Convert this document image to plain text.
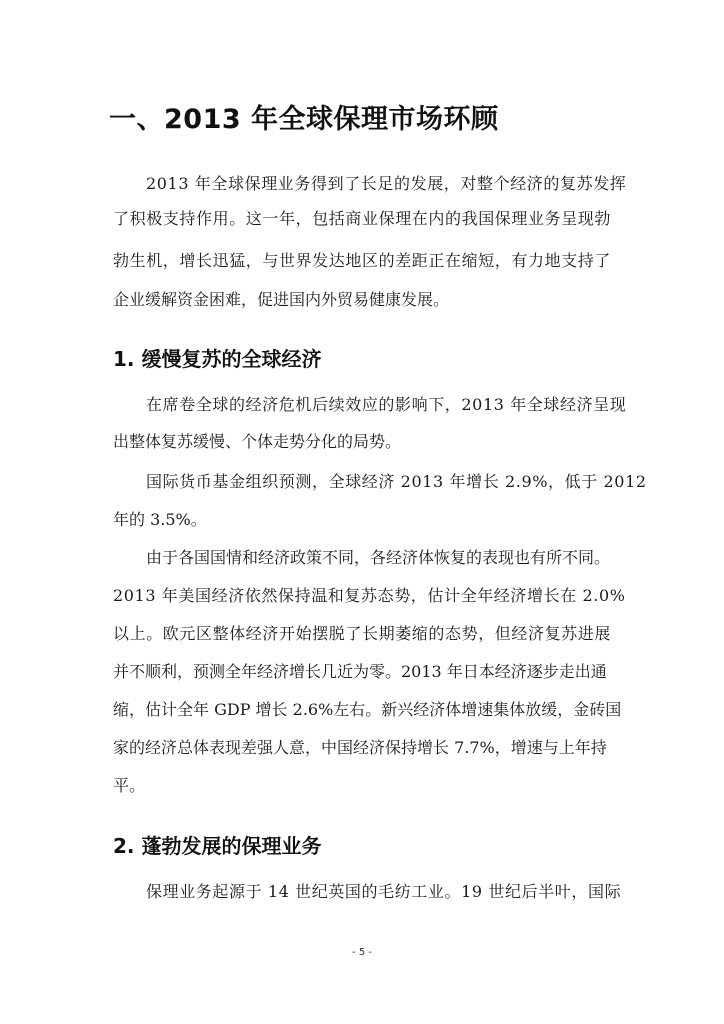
一、2013 年全球保理市场环顾

2013 年全球保理业务得到了长足的发展，对整个经济的复苏发挥

了积极支持作用。这一年，包括商业保理在内的我国保理业务呈现勃

勃生机，增长迅猛，与世界发达地区的差距正在缩短，有力地支持了

企业缓解资金困难，促进国内外贸易健康发展。

1. 缓慢复苏的全球经济

在席卷全球的经济危机后续效应的影响下，2013 年全球经济呈现

出整体复苏缓慢、个体走势分化的局势。

国际货币基金组织预测，全球经济 2013 年增长 2.9%，低于 2012

年的 3.5%。

由于各国国情和经济政策不同，各经济体恢复的表现也有所不同。

2013 年美国经济依然保持温和复苏态势，估计全年经济增长在 2.0%

以上。欧元区整体经济开始摆脱了长期萎缩的态势，但经济复苏进展

并不顺利，预测全年经济增长几近为零。2013 年日本经济逐步走出通

缩，估计全年 GDP 增长 2.6%左右。新兴经济体增速集体放缓，金砖国

家的经济总体表现差强人意，中国经济保持增长 7.7%，增速与上年持

平。

2. 蓬勃发展的保理业务

保理业务起源于 14 世纪英国的毛纺工业。19 世纪后半叶，国际

- 5 -
